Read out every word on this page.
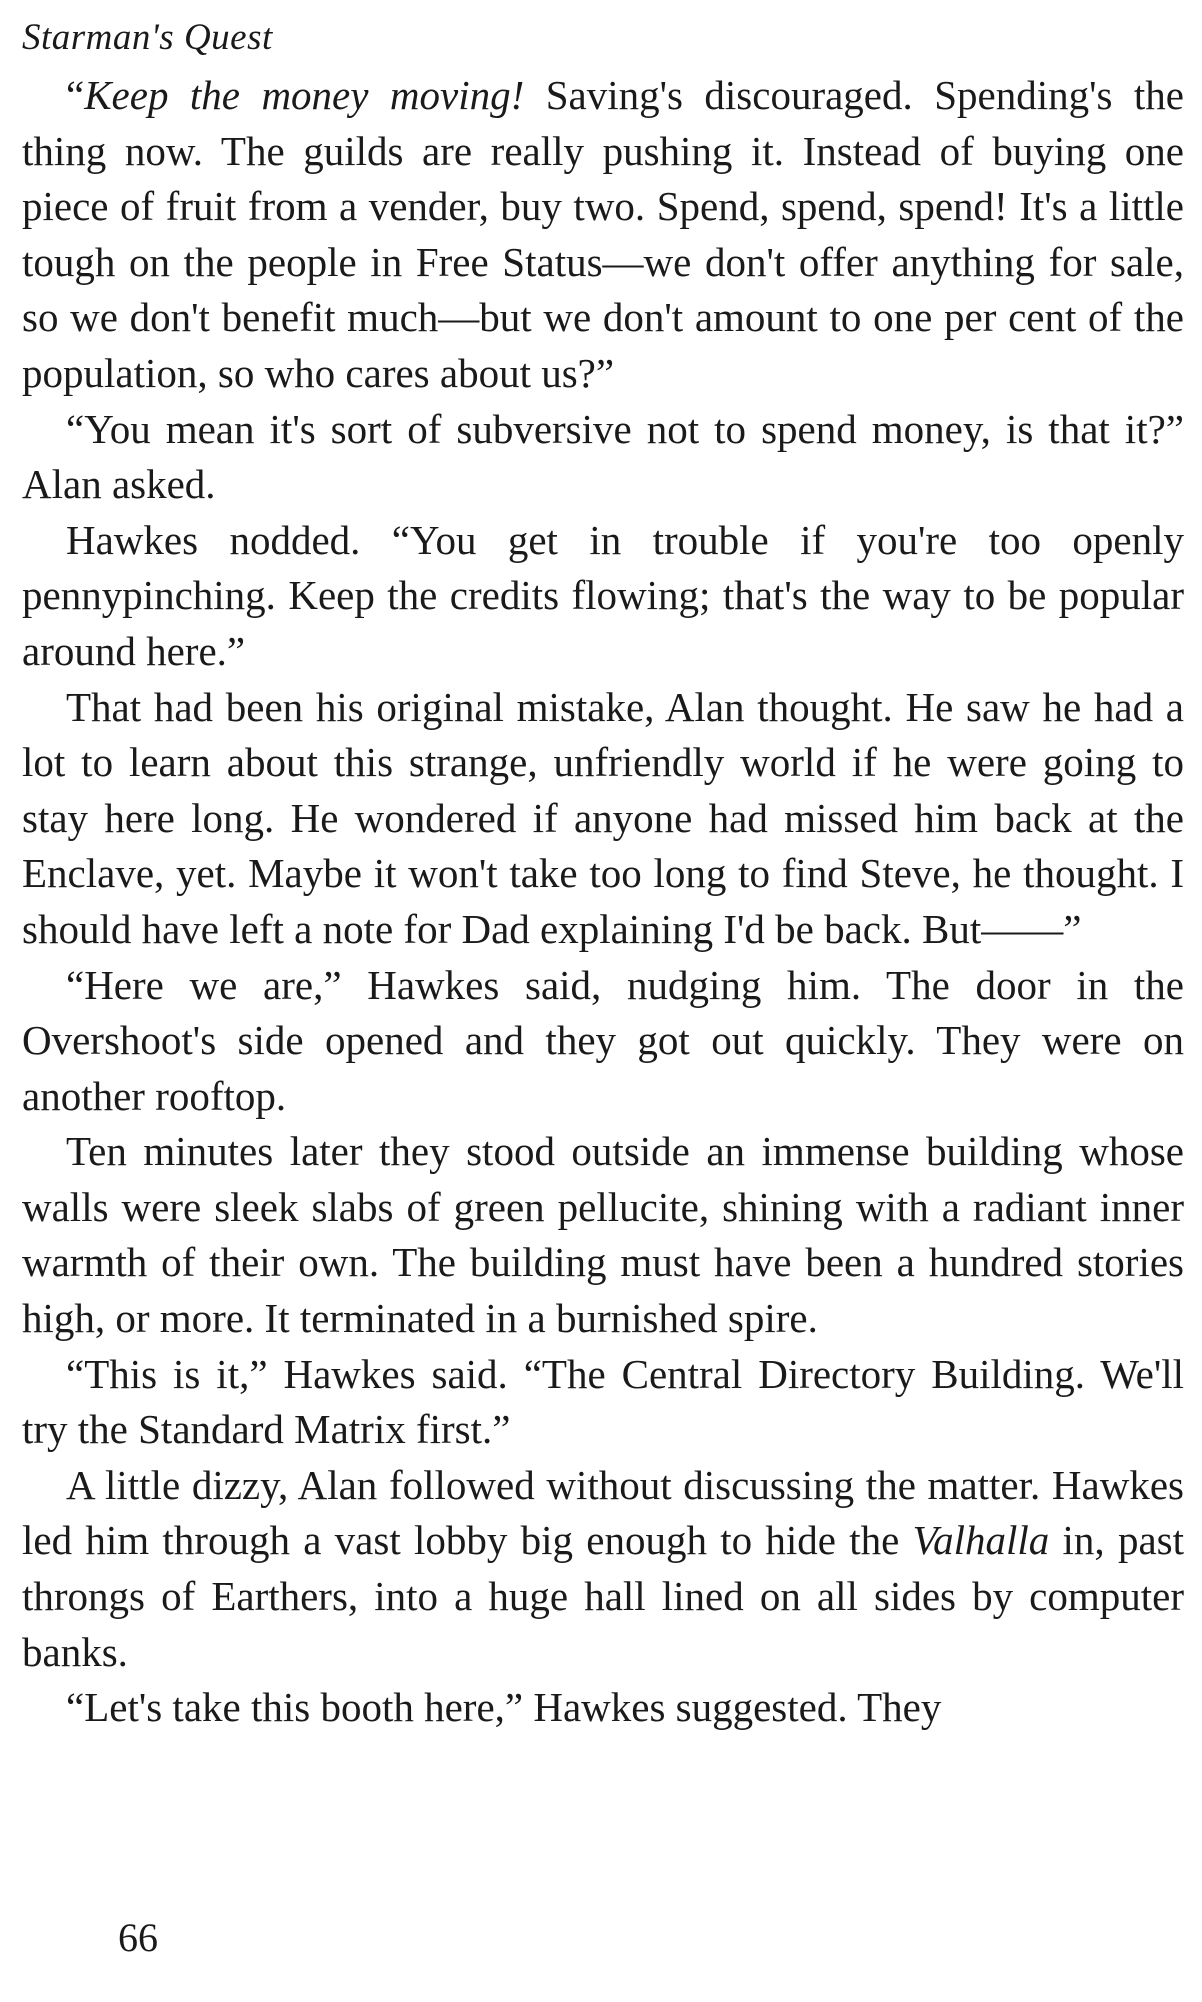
Starman's Quest

“Keep the money moving! Saving's discouraged. Spending's the thing now. The guilds are really pushing it. Instead of buying one piece of fruit from a vender, buy two. Spend, spend, spend! It's a little tough on the people in Free Status—we don't offer anything for sale, so we don't benefit much—but we don't amount to one per cent of the population, so who cares about us?”

“You mean it's sort of subversive not to spend money, is that it?” Alan asked.

Hawkes nodded. “You get in trouble if you're too openly pennypinching. Keep the credits flowing; that's the way to be popular around here.”

That had been his original mistake, Alan thought. He saw he had a lot to learn about this strange, unfriendly world if he were going to stay here long. He wondered if anyone had missed him back at the Enclave, yet. Maybe it won't take too long to find Steve, he thought. I should have left a note for Dad explaining I'd be back. But——”

“Here we are,” Hawkes said, nudging him. The door in the Overshoot's side opened and they got out quickly. They were on another rooftop.

Ten minutes later they stood outside an immense building whose walls were sleek slabs of green pellucite, shining with a radiant inner warmth of their own. The building must have been a hundred stories high, or more. It terminated in a burnished spire.

“This is it,” Hawkes said. “The Central Directory Building. We'll try the Standard Matrix first.”

A little dizzy, Alan followed without discussing the matter. Hawkes led him through a vast lobby big enough to hide the Valhalla in, past throngs of Earthers, into a huge hall lined on all sides by computer banks.

“Let's take this booth here,” Hawkes suggested. They

66
